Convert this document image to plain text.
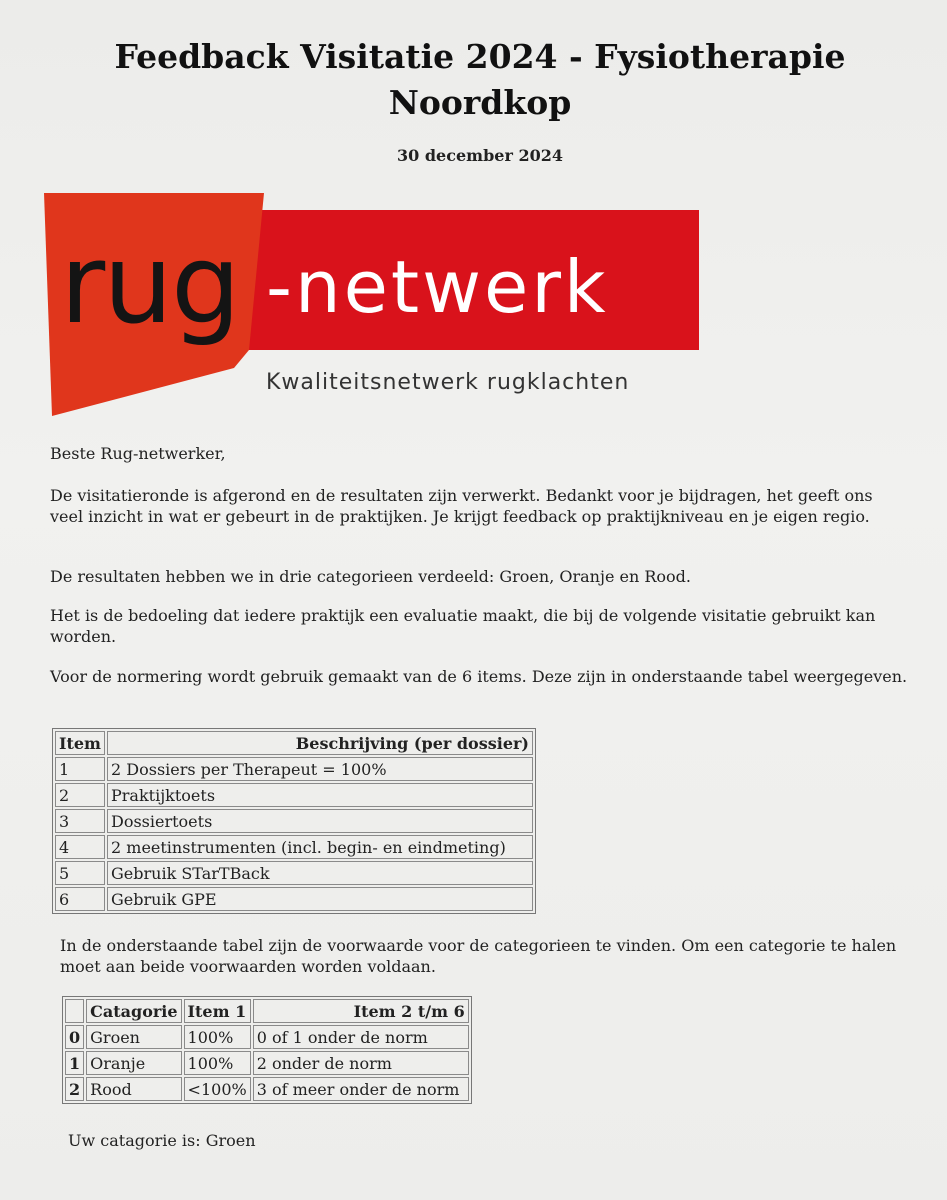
Feedback Visitatie 2024 - Fysiotherapie Noordkop

30 december 2024

rug -netwerk
Kwaliteitsnetwerk rugklachten

Beste Rug-netwerker,

De visitatieronde is afgerond en de resultaten zijn verwerkt. Bedankt voor je bijdragen, het geeft ons veel inzicht in wat er gebeurt in de praktijken. Je krijgt feedback op praktijkniveau en je eigen regio.

De resultaten hebben we in drie categorieen verdeeld: Groen, Oranje en Rood.

Het is de bedoeling dat iedere praktijk een evaluatie maakt, die bij de volgende visitatie gebruikt kan worden.

Voor de normering wordt gebruik gemaakt van de 6 items. Deze zijn in onderstaande tabel weergegeven.

Item	Beschrijving (per dossier)
1	2 Dossiers per Therapeut = 100%
2	Praktijktoets
3	Dossiertoets
4	2 meetinstrumenten (incl. begin- en eindmeting)
5	Gebruik STarTBack
6	Gebruik GPE

In de onderstaande tabel zijn de voorwaarde voor de categorieen te vinden. Om een categorie te halen moet aan beide voorwaarden worden voldaan.

	Catagorie	Item 1	Item 2 t/m 6
0	Groen	100%	0 of 1 onder de norm
1	Oranje	100%	2 onder de norm
2	Rood	<100%	3 of meer onder de norm

Uw catagorie is: Groen
